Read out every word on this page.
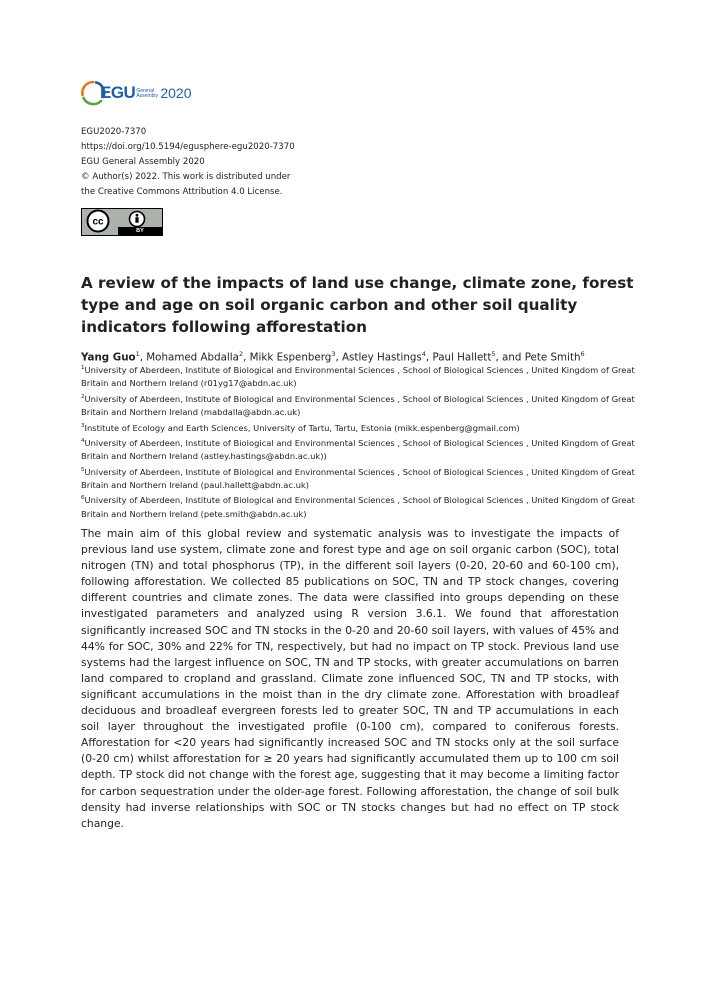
EGU General Assembly 2020
EGU2020-7370
https://doi.org/10.5194/egusphere-egu2020-7370
EGU General Assembly 2020
© Author(s) 2022. This work is distributed under
the Creative Commons Attribution 4.0 License.
cc
BY
A review of the impacts of land use change, climate zone, forest type and age on soil organic carbon and other soil quality indicators following afforestation
Yang Guo$^1$, Mohamed Abdalla$^2$, Mikk Espenberg$^3$, Astley Hastings$^4$, Paul Hallett$^5$, and Pete Smith$^6$

$^1$University of Aberdeen, Institute of Biological and Environmental Sciences , School of Biological Sciences , United Kingdom of Great Britain and Northern Ireland (r01yg17@abdn.ac.uk)

$^2$University of Aberdeen, Institute of Biological and Environmental Sciences , School of Biological Sciences , United Kingdom of Great Britain and Northern Ireland (mabdalla@abdn.ac.uk)

$^3$Institute of Ecology and Earth Sciences, University of Tartu, Tartu, Estonia (mikk.espenberg@gmail.com)

$^4$University of Aberdeen, Institute of Biological and Environmental Sciences , School of Biological Sciences , United Kingdom of Great Britain and Northern Ireland (astley.hastings@abdn.ac.uk))

$^5$University of Aberdeen, Institute of Biological and Environmental Sciences , School of Biological Sciences , United Kingdom of Great Britain and Northern Ireland (paul.hallett@abdn.ac.uk)

$^6$University of Aberdeen, Institute of Biological and Environmental Sciences , School of Biological Sciences , United Kingdom of Great Britain and Northern Ireland (pete.smith@abdn.ac.uk)

The main aim of this global review and systematic analysis was to investigate the impacts of previous land use system, climate zone and forest type and age on soil organic carbon (SOC), total nitrogen (TN) and total phosphorus (TP), in the different soil layers (0-20, 20-60 and 60-100 cm), following afforestation. We collected 85 publications on SOC, TN and TP stock changes, covering different countries and climate zones. The data were classified into groups depending on these investigated parameters and analyzed using R version 3.6.1. We found that afforestation significantly increased SOC and TN stocks in the 0-20 and 20-60 soil layers, with values of 45% and 44% for SOC, 30% and 22% for TN, respectively, but had no impact on TP stock. Previous land use systems had the largest influence on SOC, TN and TP stocks, with greater accumulations on barren land compared to cropland and grassland. Climate zone influenced SOC, TN and TP stocks, with significant accumulations in the moist than in the dry climate zone. Afforestation with broadleaf deciduous and broadleaf evergreen forests led to greater SOC, TN and TP accumulations in each soil layer throughout the investigated profile (0-100 cm), compared to coniferous forests. Afforestation for <20 years had significantly increased SOC and TN stocks only at the soil surface (0-20 cm) whilst afforestation for ≥ 20 years had significantly accumulated them up to 100 cm soil depth. TP stock did not change with the forest age, suggesting that it may become a limiting factor for carbon sequestration under the older-age forest. Following afforestation, the change of soil bulk density had inverse relationships with SOC or TN stocks changes but had no effect on TP stock change.
